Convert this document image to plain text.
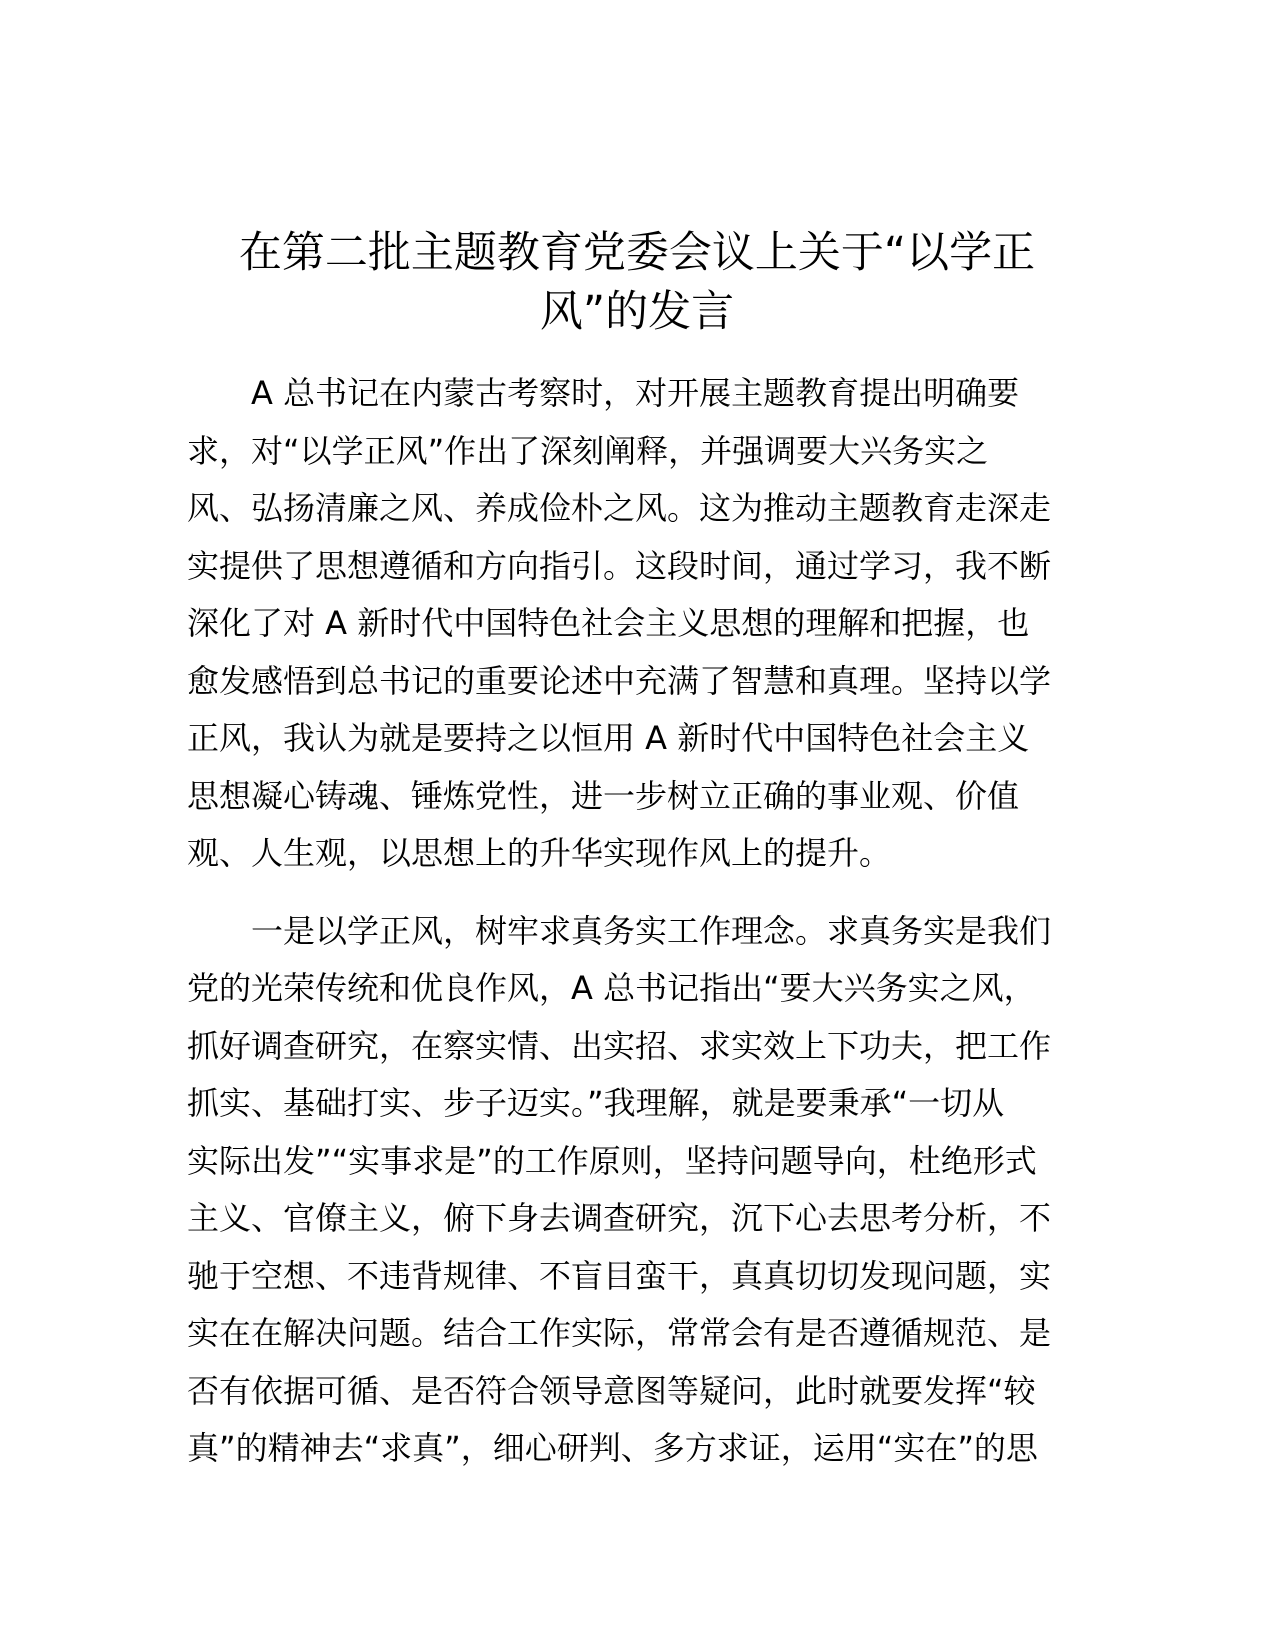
在第二批主题教育党委会议上关于“以学正
风”的发言

A 总书记在内蒙古考察时，对开展主题教育提出明确要
求，对“以学正风”作出了深刻阐释，并强调要大兴务实之
风、弘扬清廉之风、养成俭朴之风。这为推动主题教育走深走
实提供了思想遵循和方向指引。这段时间，通过学习，我不断
深化了对 A 新时代中国特色社会主义思想的理解和把握，也
愈发感悟到总书记的重要论述中充满了智慧和真理。坚持以学
正风，我认为就是要持之以恒用 A 新时代中国特色社会主义
思想凝心铸魂、锤炼党性，进一步树立正确的事业观、价值
观、人生观，以思想上的升华实现作风上的提升。

一是以学正风，树牢求真务实工作理念。求真务实是我们
党的光荣传统和优良作风，A 总书记指出“要大兴务实之风，
抓好调查研究，在察实情、出实招、求实效上下功夫，把工作
抓实、基础打实、步子迈实。”我理解，就是要秉承“一切从
实际出发”“实事求是”的工作原则，坚持问题导向，杜绝形式
主义、官僚主义，俯下身去调查研究，沉下心去思考分析，不
驰于空想、不违背规律、不盲目蛮干，真真切切发现问题，实
实在在解决问题。结合工作实际，常常会有是否遵循规范、是
否有依据可循、是否符合领导意图等疑问，此时就要发挥“较
真”的精神去“求真”，细心研判、多方求证，运用“实在”的思
